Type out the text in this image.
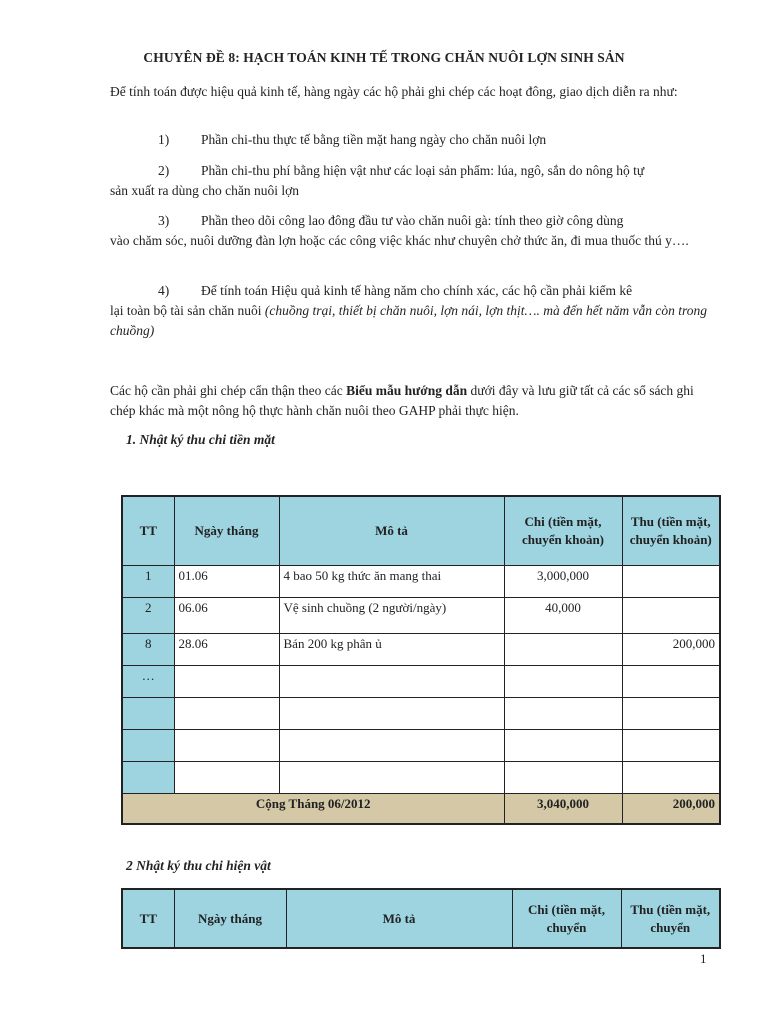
CHUYÊN ĐỀ 8: HẠCH TOÁN KINH TẾ TRONG CHĂN NUÔI LỢN SINH SẢN
Để tính toán được hiệu quả kinh tế, hàng ngày các hộ phải ghi chép các hoạt đông, giao dịch diễn ra như:
1) Phần chi-thu thực tế bằng tiền mặt hang ngày cho chăn nuôi lợn
2) Phần chi-thu phí bằng hiện vật như các loại sản phẩm: lúa, ngô, sắn do nông hộ tự
sản xuất ra dùng cho chăn nuôi lợn
3) Phần theo dõi công lao đông đầu tư vào chăn nuôi gà: tính theo giờ công dùng
vào chăm sóc, nuôi dưỡng đàn lợn hoặc các công việc khác như chuyên chở thức ăn, đi mua thuốc thú y….
4) Để tính toán Hiệu quả kinh tế hàng năm cho chính xác, các hộ cần phải kiểm kê
lại toàn bộ tài sản chăn nuôi (chuồng trại, thiết bị chăn nuôi, lợn nái, lợn thịt…. mà đến hết năm vẫn còn trong chuồng)
Các hộ cần phải ghi chép cẩn thận theo các Biểu mẫu hướng dẫn dưới đây và lưu giữ tất cả các sổ sách ghi chép khác mà một nông hộ thực hành chăn nuôi theo GAHP phải thực hiện.
1. Nhật ký thu chi tiền mặt
TT	Ngày tháng	Mô tả	Chi (tiền mặt, chuyển khoản)	Thu (tiền mặt, chuyển khoản)
1	01.06	4 bao 50 kg thức ăn mang thai	3,000,000	
2	06.06	Vệ sinh chuồng (2 người/ngày)	40,000	
8	28.06	Bán 200 kg phân ủ		200,000
…				

Cộng Tháng 06/2012			3,040,000	200,000
2 Nhật ký thu chi hiện vật
TT	Ngày tháng	Mô tả	Chi (tiền mặt, chuyển	Thu (tiền mặt, chuyển
1
